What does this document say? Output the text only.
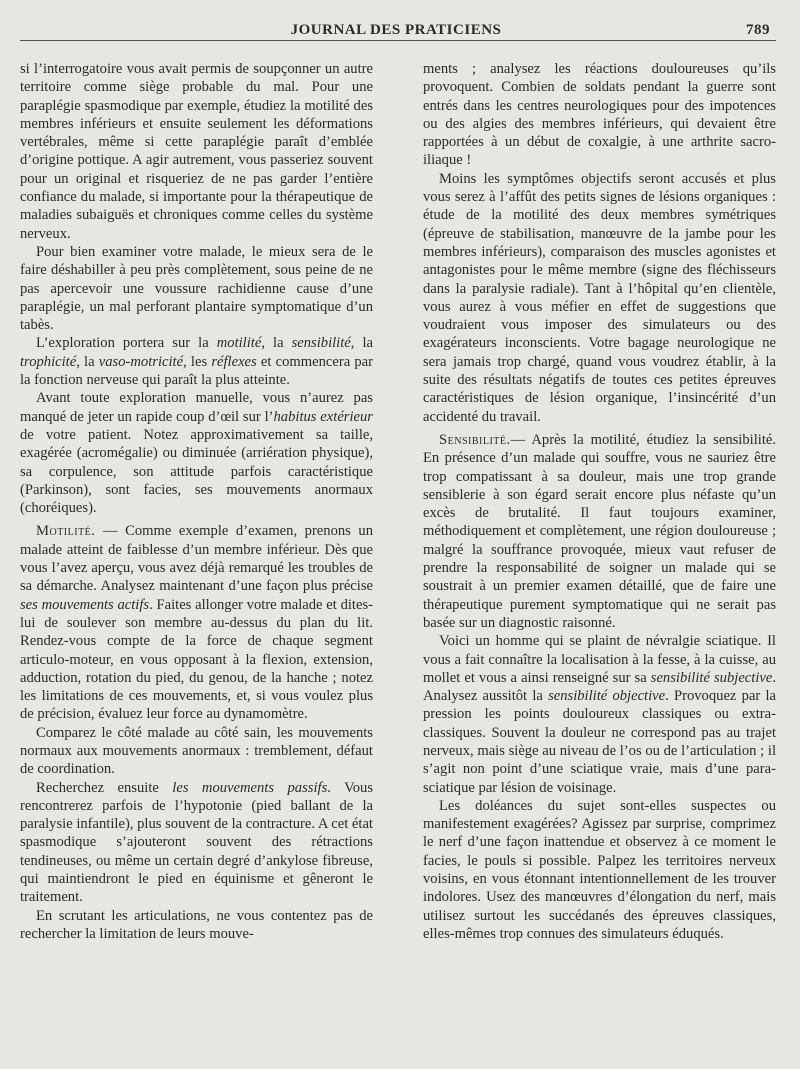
JOURNAL DES PRATICIENS	789

si l’interrogatoire vous avait permis de soupçonner un autre territoire comme siège probable du mal. Pour une paraplégie spasmodique par exemple, étudiez la motilité des membres inférieurs et ensuite seulement les déformations vertébrales, même si cette paraplégie paraît d’emblée d’origine pottique. A agir autrement, vous passeriez souvent pour un original et risqueriez de ne pas garder l’entière confiance du malade, si importante pour la thérapeutique de maladies subaiguës et chroniques comme celles du système nerveux.

Pour bien examiner votre malade, le mieux sera de le faire déshabiller à peu près complètement, sous peine de ne pas apercevoir une voussure rachidienne cause d’une paraplégie, un mal perforant plantaire symptomatique d’un tabès.

L’exploration portera sur la motilité, la sensibilité, la trophicité, la vaso-motricité, les réflexes et commencera par la fonction nerveuse qui paraît la plus atteinte.

Avant toute exploration manuelle, vous n’aurez pas manqué de jeter un rapide coup d’œil sur l’habitus extérieur de votre patient. Notez approximativement sa taille, exagérée (acromégalie) ou diminuée (arriération physique), sa corpulence, son attitude parfois caractéristique (Parkinson), sont facies, ses mouvements anormaux (choréiques).

Motilité. — Comme exemple d’examen, prenons un malade atteint de faiblesse d’un membre inférieur. Dès que vous l’avez aperçu, vous avez déjà remarqué les troubles de sa démarche. Analysez maintenant d’une façon plus précise ses mouvements actifs. Faites allonger votre malade et dites-lui de soulever son membre au-dessus du plan du lit. Rendez-vous compte de la force de chaque segment articulo-moteur, en vous opposant à la flexion, extension, adduction, rotation du pied, du genou, de la hanche ; notez les limitations de ces mouvements, et, si vous voulez plus de précision, évaluez leur force au dynamomètre.

Comparez le côté malade au côté sain, les mouvements normaux aux mouvements anormaux : tremblement, défaut de coordination.

Recherchez ensuite les mouvements passifs. Vous rencontrerez parfois de l’hypotonie (pied ballant de la paralysie infantile), plus souvent de la contracture. A cet état spasmodique s’ajouteront souvent des rétractions tendineuses, ou même un certain degré d’ankylose fibreuse, qui maintiendront le pied en équinisme et gêneront le traitement.

En scrutant les articulations, ne vous contentez pas de rechercher la limitation de leurs mouve-

ments ; analysez les réactions douloureuses qu’ils provoquent. Combien de soldats pendant la guerre sont entrés dans les centres neurologiques pour des impotences ou des algies des membres inférieurs, qui devaient être rapportées à un début de coxalgie, à une arthrite sacro-iliaque !

Moins les symptômes objectifs seront accusés et plus vous serez à l’affût des petits signes de lésions organiques : étude de la motilité des deux membres symétriques (épreuve de stabilisation, manœuvre de la jambe pour les membres inférieurs), comparaison des muscles agonistes et antagonistes pour le même membre (signe des fléchisseurs dans la paralysie radiale). Tant à l’hôpital qu’en clientèle, vous aurez à vous méfier en effet de suggestions que voudraient vous imposer des simulateurs ou des exagérateurs inconscients. Votre bagage neurologique ne sera jamais trop chargé, quand vous voudrez établir, à la suite des résultats négatifs de toutes ces petites épreuves caractéristiques de lésion organique, l’insincérité d’un accidenté du travail.

Sensibilité.— Après la motilité, étudiez la sensibilité. En présence d’un malade qui souffre, vous ne sauriez être trop compatissant à sa douleur, mais une trop grande sensiblerie à son égard serait encore plus néfaste qu’un excès de brutalité. Il faut toujours examiner, méthodiquement et complètement, une région douloureuse ; malgré la souffrance provoquée, mieux vaut refuser de prendre la responsabilité de soigner un malade qui se soustrait à un premier examen détaillé, que de faire une thérapeutique purement symptomatique qui ne serait pas basée sur un diagnostic raisonné.

Voici un homme qui se plaint de névralgie sciatique. Il vous a fait connaître la localisation à la fesse, à la cuisse, au mollet et vous a ainsi renseigné sur sa sensibilité subjective. Analysez aussitôt la sensibilité objective. Provoquez par la pression les points douloureux classiques ou extra-classiques. Souvent la douleur ne correspond pas au trajet nerveux, mais siège au niveau de l’os ou de l’articulation ; il s’agit non point d’une sciatique vraie, mais d’une para-sciatique par lésion de voisinage.

Les doléances du sujet sont-elles suspectes ou manifestement exagérées? Agissez par surprise, comprimez le nerf d’une façon inattendue et observez à ce moment le facies, le pouls si possible. Palpez les territoires nerveux voisins, en vous étonnant intentionnellement de les trouver indolores. Usez des manœuvres d’élongation du nerf, mais utilisez surtout les succédanés des épreuves classiques, elles-mêmes trop connues des simulateurs éduqués.
